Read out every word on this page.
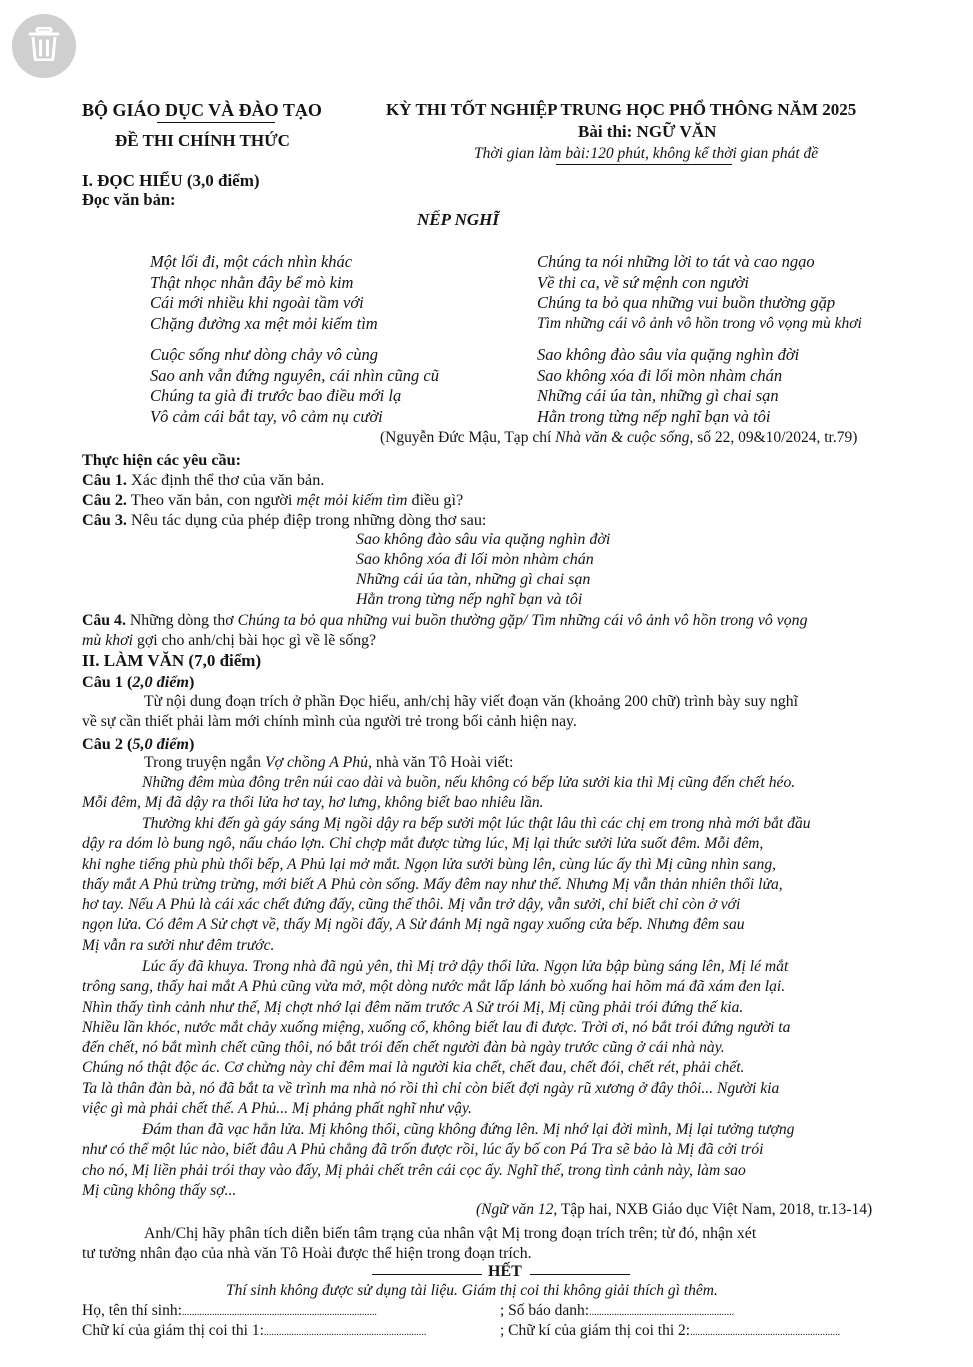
BỘ GIÁO DỤC VÀ ĐÀO TẠO
ĐỀ THI CHÍNH THỨC
KỲ THI TỐT NGHIỆP TRUNG HỌC PHỔ THÔNG NĂM 2025
Bài thi: NGỮ VĂN
Thời gian làm bài:120 phút, không kể thời gian phát đề
I. ĐỌC HIỂU (3,0 điểm)
Đọc văn bản:
NẾP NGHĨ
Một lối đi, một cách nhìn khác
Thật nhọc nhằn đây bể mò kim
Cái mới nhiều khi ngoài tầm với
Chặng đường xa mệt mỏi kiếm tìm
Cuộc sống như dòng chảy vô cùng
Sao anh vẫn đứng nguyên, cái nhìn cũng cũ
Chúng ta già đi trước bao điều mới lạ
Vô cảm cái bắt tay, vô cảm nụ cười
Chúng ta nói những lời to tát và cao ngạo
Về thi ca, về sứ mệnh con người
Chúng ta bỏ qua những vui buồn thường gặp
Tìm những cái vô ảnh vô hồn trong vô vọng mù khơi
Sao không đào sâu vỉa quặng nghìn đời
Sao không xóa đi lối mòn nhàm chán
Những cái úa tàn, những gì chai sạn
Hằn trong từng nếp nghĩ bạn và tôi
(Nguyễn Đức Mậu, Tạp chí Nhà văn & cuộc sống, số 22, 09&10/2024, tr.79)
Thực hiện các yêu cầu:
Câu 1. Xác định thể thơ của văn bản.
Câu 2. Theo văn bản, con người mệt mỏi kiếm tìm điều gì?
Câu 3. Nêu tác dụng của phép điệp trong những dòng thơ sau:
Sao không đào sâu vỉa quặng nghìn đời
Sao không xóa đi lối mòn nhàm chán
Những cái úa tàn, những gì chai sạn
Hằn trong từng nếp nghĩ bạn và tôi
Câu 4. Những dòng thơ Chúng ta bỏ qua những vui buồn thường gặp/ Tìm những cái vô ảnh vô hồn trong vô vọng
mù khơi gợi cho anh/chị bài học gì về lẽ sống?
II. LÀM VĂN (7,0 điểm)
Câu 1 (2,0 điểm)
Từ nội dung đoạn trích ở phần Đọc hiểu, anh/chị hãy viết đoạn văn (khoảng 200 chữ) trình bày suy nghĩ
về sự cần thiết phải làm mới chính mình của người trẻ trong bối cảnh hiện nay.
Câu 2 (5,0 điểm)
Trong truyện ngắn Vợ chồng A Phủ, nhà văn Tô Hoài viết:
Những đêm mùa đông trên núi cao dài và buồn, nếu không có bếp lửa sưởi kia thì Mị cũng đến chết héo.
Mỗi đêm, Mị đã dậy ra thổi lửa hơ tay, hơ lưng, không biết bao nhiêu lần.
Thường khi đến gà gáy sáng Mị ngồi dậy ra bếp sưởi một lúc thật lâu thì các chị em trong nhà mới bắt đầu
dậy ra dóm lò bung ngô, nấu cháo lợn. Chỉ chợp mắt được từng lúc, Mị lại thức sưởi lửa suốt đêm. Mỗi đêm,
khi nghe tiếng phù phù thổi bếp, A Phủ lại mở mắt. Ngọn lửa sưởi bùng lên, cùng lúc ấy thì Mị cũng nhìn sang,
thấy mắt A Phủ trừng trừng, mới biết A Phủ còn sống. Mấy đêm nay như thế. Nhưng Mị vẫn thản nhiên thổi lửa,
hơ tay. Nếu A Phủ là cái xác chết đứng đấy, cũng thế thôi. Mị vẫn trở dậy, vẫn sưởi, chỉ biết chỉ còn ở với
ngọn lửa. Có đêm A Sử chợt về, thấy Mị ngồi đấy, A Sử đánh Mị ngã ngay xuống cửa bếp. Nhưng đêm sau
Mị vẫn ra sưởi như đêm trước.
Lúc ấy đã khuya. Trong nhà đã ngủ yên, thì Mị trở dậy thổi lửa. Ngọn lửa bập bùng sáng lên, Mị lé mắt
trông sang, thấy hai mắt A Phủ cũng vừa mở, một dòng nước mắt lấp lánh bò xuống hai hõm má đã xám đen lại.
Nhìn thấy tình cảnh như thế, Mị chợt nhớ lại đêm năm trước A Sử trói Mị, Mị cũng phải trói đứng thế kia.
Nhiều lần khóc, nước mắt chảy xuống miệng, xuống cổ, không biết lau đi được. Trời ơi, nó bắt trói đứng người ta
đến chết, nó bắt mình chết cũng thôi, nó bắt trói đến chết người đàn bà ngày trước cũng ở cái nhà này.
Chúng nó thật độc ác. Cơ chừng này chỉ đêm mai là người kia chết, chết đau, chết đói, chết rét, phải chết.
Ta là thân đàn bà, nó đã bắt ta về trình ma nhà nó rồi thì chỉ còn biết đợi ngày rũ xương ở đây thôi... Người kia
việc gì mà phải chết thế. A Phủ... Mị phảng phất nghĩ như vậy.
Đám than đã vạc hẳn lửa. Mị không thổi, cũng không đứng lên. Mị nhớ lại đời mình, Mị lại tưởng tượng
như có thể một lúc nào, biết đâu A Phủ chẳng đã trốn được rồi, lúc ấy bố con Pá Tra sẽ bảo là Mị đã cởi trói
cho nó, Mị liền phải trói thay vào đấy, Mị phải chết trên cái cọc ấy. Nghĩ thế, trong tình cảnh này, làm sao
Mị cũng không thấy sợ...
(Ngữ văn 12, Tập hai, NXB Giáo dục Việt Nam, 2018, tr.13-14)
Anh/Chị hãy phân tích diễn biến tâm trạng của nhân vật Mị trong đoạn trích trên; từ đó, nhận xét
tư tưởng nhân đạo của nhà văn Tô Hoài được thể hiện trong đoạn trích.
HẾT
Thí sinh không được sử dụng tài liệu. Giám thị coi thi không giải thích gì thêm.
Họ, tên thí sinh:..............................................................................	; Số báo danh:..........................................................
Chữ kí của giám thị coi thi 1:.................................................................	; Chữ kí của giám thị coi thi 2:............................................................
